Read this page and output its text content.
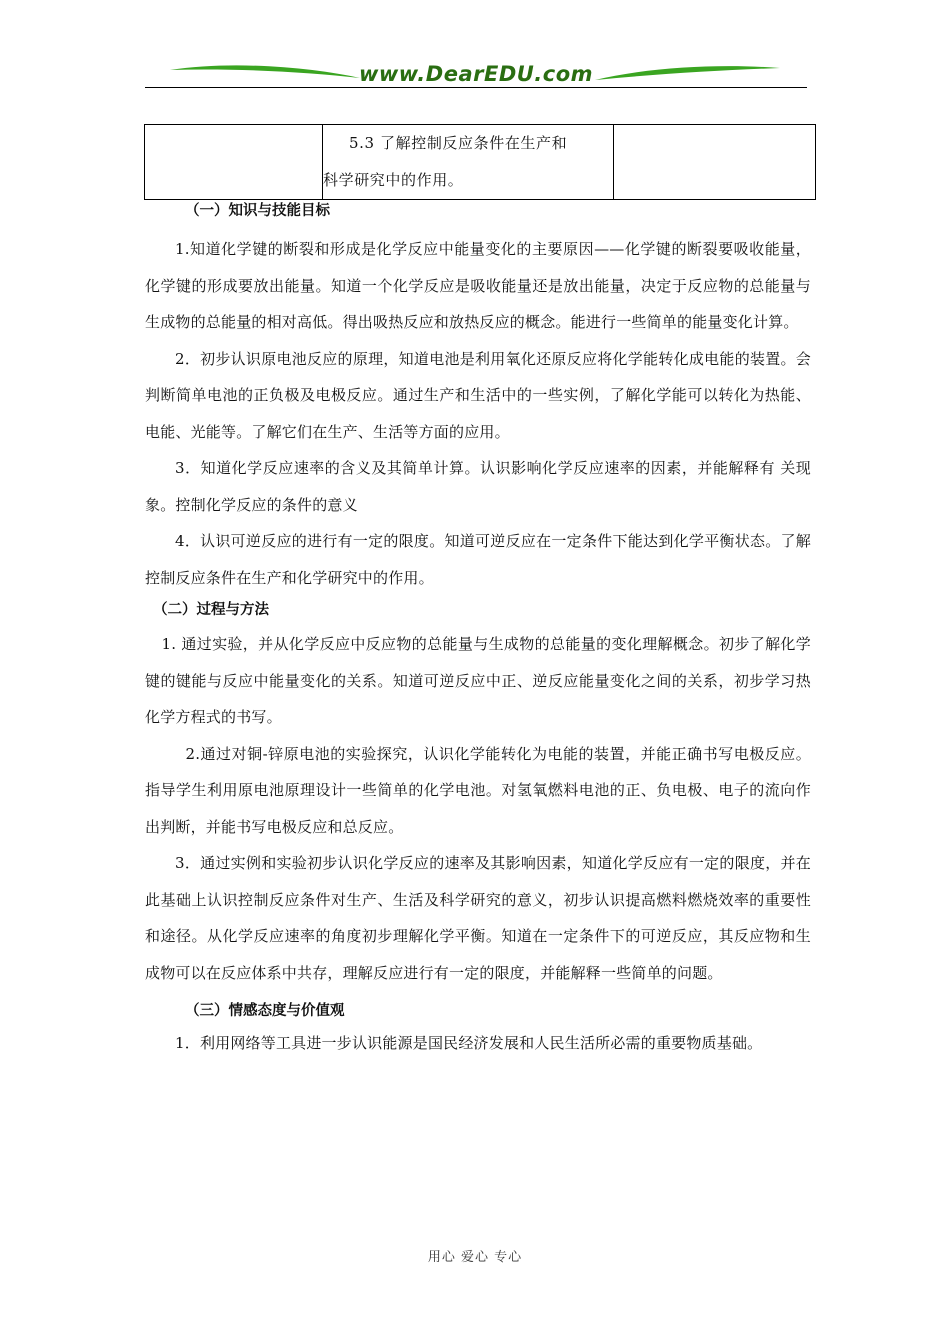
www.DearEDU.com

5.3 了解控制反应条件在生产和
科学研究中的作用。	
（一）知识与技能目标

1.知道化学键的断裂和形成是化学反应中能量变化的主要原因——化学键的断裂要吸收能量，化学键的形成要放出能量。知道一个化学反应是吸收能量还是放出能量，决定于反应物的总能量与生成物的总能量的相对高低。得出吸热反应和放热反应的概念。能进行一些简单的能量变化计算。

2．初步认识原电池反应的原理，知道电池是利用氧化还原反应将化学能转化成电能的装置。会判断简单电池的正负极及电极反应。通过生产和生活中的一些实例，了解化学能可以转化为热能、电能、光能等。了解它们在生产、生活等方面的应用。

3．知道化学反应速率的含义及其简单计算。认识影响化学反应速率的因素，并能解释有 关现象。控制化学反应的条件的意义

4．认识可逆反应的进行有一定的限度。知道可逆反应在一定条件下能达到化学平衡状态。了解控制反应条件在生产和化学研究中的作用。

（二）过程与方法

1. 通过实验，并从化学反应中反应物的总能量与生成物的总能量的变化理解概念。初步了解化学键的键能与反应中能量变化的关系。知道可逆反应中正、逆反应能量变化之间的关系，初步学习热化学方程式的书写。

2.通过对铜-锌原电池的实验探究，认识化学能转化为电能的装置，并能正确书写电极反应。指导学生利用原电池原理设计一些简单的化学电池。对氢氧燃料电池的正、负电极、电子的流向作出判断，并能书写电极反应和总反应。

3．通过实例和实验初步认识化学反应的速率及其影响因素，知道化学反应有一定的限度，并在此基础上认识控制反应条件对生产、生活及科学研究的意义，初步认识提高燃料燃烧效率的重要性和途径。从化学反应速率的角度初步理解化学平衡。知道在一定条件下的可逆反应，其反应物和生成物可以在反应体系中共存，理解反应进行有一定的限度，并能解释一些简单的问题。

（三）情感态度与价值观

1．利用网络等工具进一步认识能源是国民经济发展和人民生活所必需的重要物质基础。

用心 爱心 专心
